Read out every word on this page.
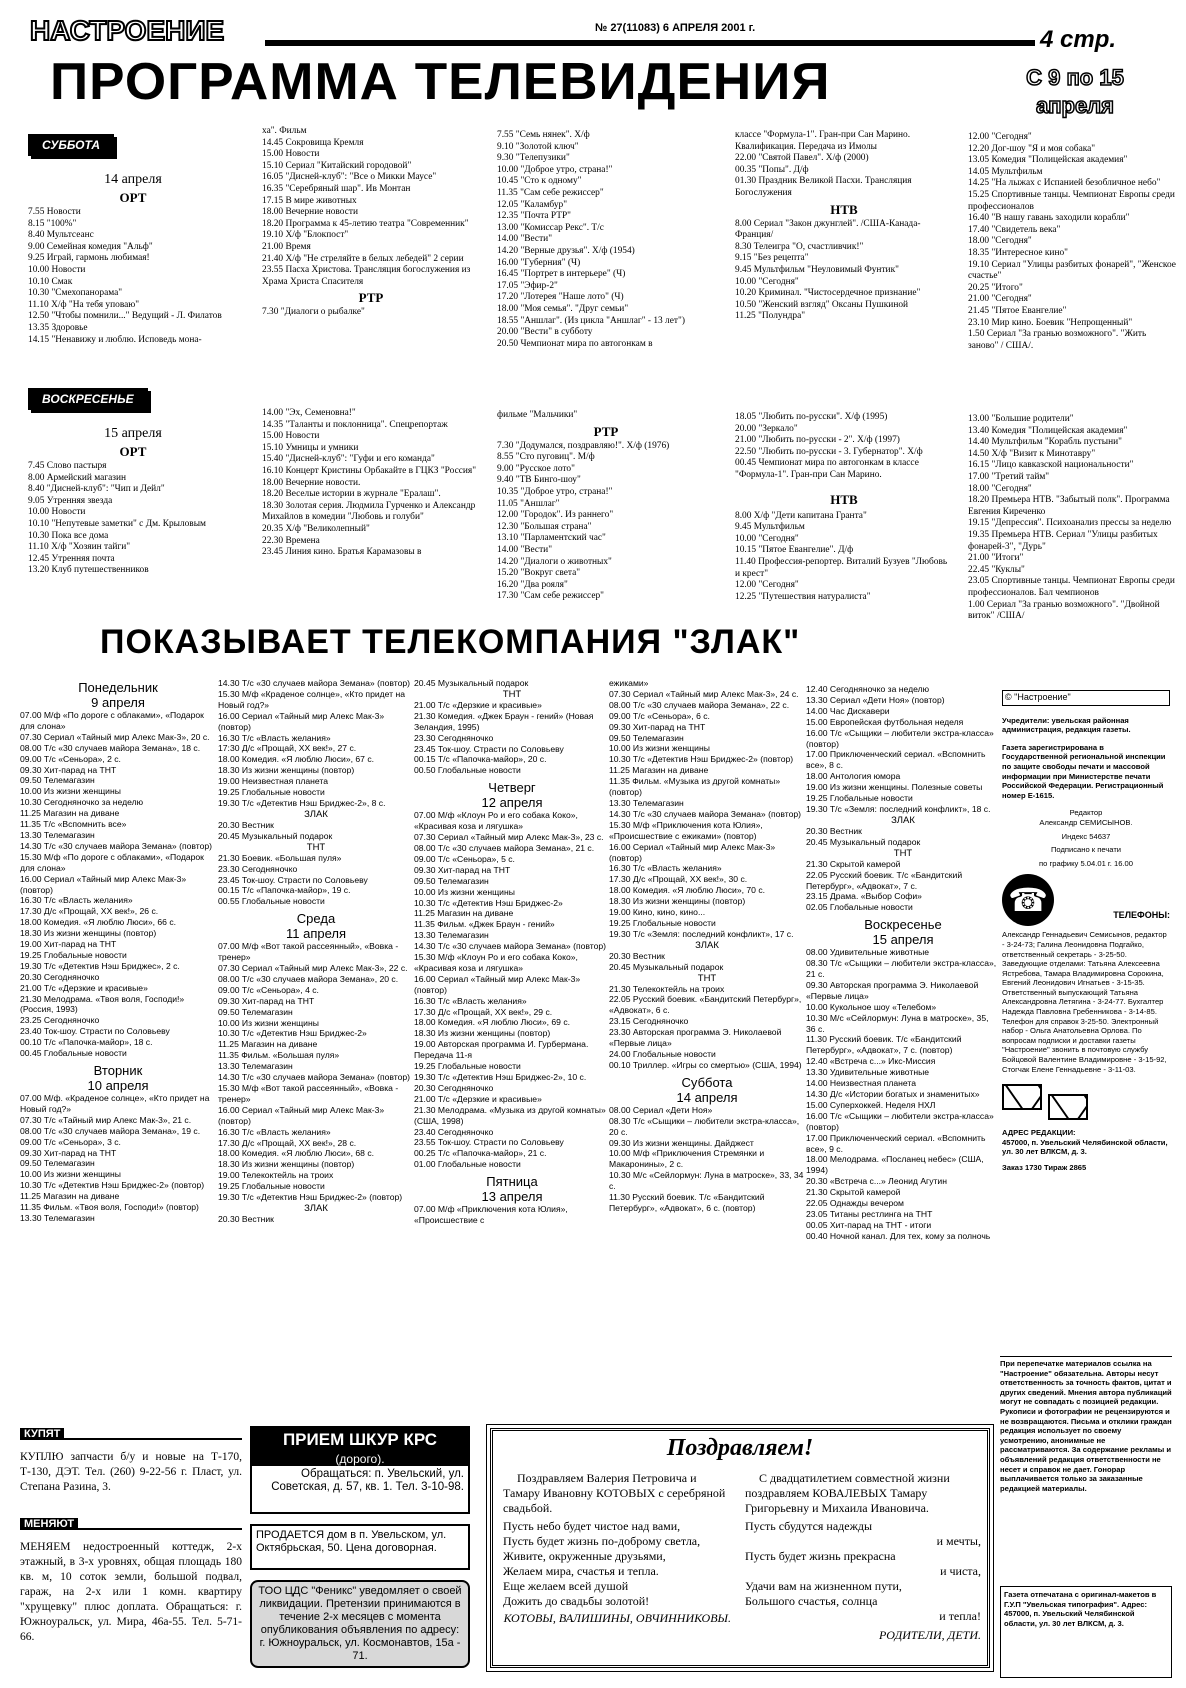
НАСТРОЕНИЕ	№ 27(11083) 6 АПРЕЛЯ 2001 г.	4 стр.
ПРОГРАММА ТЕЛЕВИДЕНИЯ	С 9 по 15 апреля
СУББОТА
14 апреля
ОРТ
7.55 Новости
8.15 "100%"
8.40 Мультсеанс
9.00 Семейная комедия "Альф"
9.25 Играй, гармонь любимая!
10.00 Новости
10.10 Смак
10.30 "Смехопанорама"
11.10 Х/ф "На тебя уповаю"
12.50 "Чтобы помнили..." Ведущий - Л. Филатов
13.35 Здоровье
14.15 "Ненавижу и люблю. Исповедь мона-
ха". Фильм
14.45 Сокровища Кремля
15.00 Новости
15.10 Сериал "Китайский городовой"
16.05 "Дисней-клуб": "Все о Микки Маусе"
16.35 "Серебряный шар". Ив Монтан
17.15 В мире животных
18.00 Вечерние новости
18.20 Программа к 45-летию театра "Современник"
19.10 Х/ф "Блокпост"
21.00 Время
21.40 Х/ф "Не стреляйте в белых лебедей" 2 серии
23.55 Пасха Христова. Трансляция богослужения из Храма Христа Спасителя
РТР
7.30 "Диалоги о рыбалке"
7.55 "Семь нянек". Х/ф
9.10 "Золотой ключ"
9.30 "Телепузики"
10.00 "Доброе утро, страна!"
10.45 "Сто к одному"
11.35 "Сам себе режиссер"
12.05 "Каламбур"
12.35 "Почта РТР"
13.00 "Комиссар Рекс". Т/с
14.00 "Вести"
14.20 "Верные друзья". Х/ф (1954)
16.00 "Губерния" (Ч)
16.45 "Портрет в интерьере" (Ч)
17.05 "Эфир-2"
17.20 "Лотерея "Наше лото" (Ч)
18.00 "Моя семья". "Друг семьи"
18.55 "Аншлаг". (Из цикла "Аншлаг" - 13 лет")
20.00 "Вести" в субботу
20.50 Чемпионат мира по автогонкам в
классе "Формула-1". Гран-при Сан Марино. Квалификация. Передача из Имолы
22.00 "Святой Павел". Х/ф (2000)
00.35 "Попы". Д/ф
01.30 Праздник Великой Пасхи. Трансляция Богослужения
НТВ
8.00 Сериал "Закон джунглей". /США-Канада-Франция/
8.30 Телеигра "О, счастливчик!"
9.15 "Без рецепта"
9.45 Мультфильм "Неуловимый Фунтик"
10.00 "Сегодня"
10.20 Криминал. "Чистосердечное признание"
10.50 "Женский взгляд" Оксаны Пушкиной
11.25 "Полундра"
12.00 "Сегодня"
12.20 Дог-шоу "Я и моя собака"
13.05 Комедия "Полицейская академия"
14.05 Мультфильм
14.25 "На лыжах с Испанией безобличное небо"
15.25 Спортивные танцы. Чемпионат Европы среди профессионалов
16.40 "В нашу гавань заходили корабли"
17.40 "Свидетель века"
18.00 "Сегодня"
18.35 "Интересное кино"
19.10 Сериал "Улицы разбитых фонарей", "Женское счастье"
20.25 "Итого"
21.00 "Сегодня"
21.45 "Пятое Евангелие"
23.10 Мир кино. Боевик "Непрощенный"
1.50 Сериал "За гранью возможного". "Жить заново" / США/.
ВОСКРЕСЕНЬЕ
15 апреля
ОРТ
7.45 Слово пастыря
8.00 Армейский магазин
8.40 "Дисней-клуб": "Чип и Дейл"
9.05 Утренняя звезда
10.00 Новости
10.10 "Непутевые заметки" с Дм. Крыловым
10.30 Пока все дома
11.10 Х/ф "Хозяин тайги"
12.45 Утренняя почта
13.20 Клуб путешественников
14.00 "Эх, Семеновна!"
14.35 "Таланты и поклонница". Спецрепортаж
15.00 Новости
15.10 Умницы и умники
15.40 "Дисней-клуб": "Гуфи и его команда"
16.10 Концерт Кристины Орбакайте в ГЦКЗ "Россия"
18.00 Вечерние новости.
18.20 Веселые истории в журнале "Ералаш".
18.30 Золотая серия. Людмила Гурченко и Александр Михайлов в комедии "Любовь и голуби"
20.35 Х/ф "Великолепный"
22.30 Времена
23.45 Линия кино. Братья Карамазовы в
фильме "Мальчики"
РТР
7.30 "Додумался, поздравляю!". Х/ф (1976)
8.55 "Сто пуговиц". М/ф
9.00 "Русское лото"
9.40 "ТВ Бинго-шоу"
10.35 "Доброе утро, страна!"
11.05 "Аншлаг"
12.00 "Городок". Из раннего"
12.30 "Большая страна"
13.10 "Парламентский час"
14.00 "Вести"
14.20 "Диалоги о животных"
15.20 "Вокруг света"
16.20 "Два рояля"
17.30 "Сам себе режиссер"
18.05 "Любить по-русски". Х/ф (1995)
20.00 "Зеркало"
21.00 "Любить по-русски - 2". Х/ф (1997)
22.50 "Любить по-русски - 3. Губернатор". Х/ф
00.45 Чемпионат мира по автогонкам в классе "Формула-1". Гран-при Сан Марино.
НТВ
8.00 Х/ф "Дети капитана Гранта"
9.45 Мультфильм
10.00 "Сегодня"
10.15 "Пятое Евангелие". Д/ф
11.40 Профессия-репортер. Виталий Бузуев "Любовь и крест"
12.00 "Сегодня"
12.25 "Путешествия натуралиста"
13.00 "Большие родители"
13.40 Комедия "Полицейская академия"
14.40 Мультфильм "Корабль пустыни"
14.50 Х/ф "Визит к Минотавру"
16.15 "Лицо кавказской национальности"
17.00 "Третий тайм"
18.00 "Сегодня"
18.20 Премьера НТВ. "Забытый полк". Программа Евгения Киреченко
19.15 "Депрессия". Психоанализ прессы за неделю
19.35 Премьера НТВ. Сериал "Улицы разбитых фонарей-3", "Дурь"
21.00 "Итоги"
22.45 "Куклы"
23.05 Спортивные танцы. Чемпионат Европы среди профессионалов. Бал чемпионов
1.00 Сериал "За гранью возможного". "Двойной виток" /США/
ПОКАЗЫВАЕТ ТЕЛЕКОМПАНИЯ "ЗЛАК"
Понедельник
9 апреля
07.00 М/ф «По дороге с облаками», «Подарок для слона»
07.30 Сериал «Тайный мир Алекс Мак-3», 20 с.
08.00 Т/с «30 случаев майора Земана», 18 с.
09.00 Т/с «Сеньора», 2 с.
09.30 Хит-парад на ТНТ
09.50 Телемагазин
10.00 Из жизни женщины
10.30 Сегодняночко за неделю
11.25 Магазин на диване
11.35 Т/с «Вспомнить все»
13.30 Телемагазин
14.30 Т/с «30 случаев майора Земана» (повтор)
15.30 М/ф «По дороге с облаками», «Подарок для слона»
16.00 Сериал «Тайный мир Алекс Мак-3» (повтор)
16.30 Т/с «Власть желания»
17.30 Д/с «Прощай, ХХ век!», 26 с.
18.00 Комедия. «Я люблю Люси», 66 с.
18.30 Из жизни женщины (повтор)
19.00 Хит-парад на ТНТ
19.25 Глобальные новости
19.30 Т/с «Детектив Нэш Бриджес», 2 с.
20.30 Сегодняночко
21.00 Т/с «Дерзкие и красивые»
21.30 Мелодрама. «Твоя воля, Господи!» (Россия, 1993)
23.25 Сегодняночко
23.40 Ток-шоу. Страсти по Соловьеву
00.10 Т/с «Папочка-майор», 18 с.
00.45 Глобальные новости
Вторник
10 апреля
07.00 М/ф. «Краденое солнце», «Кто придет на Новый год?»
07.30 Т/с «Тайный мир Алекс Мак-3», 21 с.
08.00 Т/с «30 случаев майора Земана», 19 с.
09.00 Т/с «Сеньора», 3 с.
09.30 Хит-парад на ТНТ
09.50 Телемагазин
10.00 Из жизни женщины
10.30 Т/с «Детектив Нэш Бриджес-2» (повтор)
11.25 Магазин на диване
11.35 Фильм. «Твоя воля, Господи!» (повтор)
13.30 Телемагазин
14.30 Т/с «30 случаев майора Земана» (повтор)
15.30 М/ф «Краденое солнце», «Кто придет на Новый год?»
16.00 Сериал «Тайный мир Алекс Мак-3» (повтор)
16.30 Т/с «Власть желания»
17:30 Д/с «Прощай, ХХ век!», 27 с.
18.00 Комедия. «Я люблю Люси», 67 с.
18.30 Из жизни женщины (повтор)
19.00 Неизвестная планета
19.25 Глобальные новости
19.30 Т/с «Детектив Нэш Бриджес-2», 8 с.
ЗЛАК
20.30 Вестник
20.45 Музыкальный подарок
ТНТ
21.30 Боевик. «Большая пуля»
23.30 Сегодняночко
23.45 Ток-шоу. Страсти по Соловьеву
00.15 Т/с «Папочка-майор», 19 с.
00.55 Глобальные новости
Среда
11 апреля
07.00 М/ф «Вот такой рассеянный», «Вовка - тренер»
07.30 Сериал «Тайный мир Алекс Мак-3», 22 с.
08.00 Т/с «30 случаев майора Земана», 20 с.
09.00 Т/с «Сеньора», 4 с.
09.30 Хит-парад на ТНТ
09.50 Телемагазин
10.00 Из жизни женщины
10.30 Т/с «Детектив Нэш Бриджес-2»
11.25 Магазин на диване
11.35 Фильм. «Большая пуля»
13.30 Телемагазин
14.30 Т/с «30 случаев майора Земана» (повтор)
15.30 М/ф «Вот такой рассеянный», «Вовка - тренер»
16.00 Сериал «Тайный мир Алекс Мак-3» (повтор)
16.30 Т/с «Власть желания»
17.30 Д/с «Прощай, ХХ век!», 28 с.
18.00 Комедия. «Я люблю Люси», 68 с.
18.30 Из жизни женщины (повтор)
19.00 Телекоктейль на троих
19.25 Глобальные новости
19.30 Т/с «Детектив Нэш Бриджес-2» (повтор)
ЗЛАК
20.30 Вестник
20.45 Музыкальный подарок
ТНТ
21.00 Т/с «Дерзкие и красивые»
21.30 Комедия. «Джек Браун - гений» (Новая Зеландия, 1995)
23.30 Сегодняночко
23.45 Ток-шоу. Страсти по Соловьеву
00.15 Т/с «Папочка-майор», 20 с.
00.50 Глобальные новости
Четверг
12 апреля
07.00 М/ф «Клоун Ро и его собака Коко», «Красивая коза и лягушка»
07.30 Сериал «Тайный мир Алекс Мак-3», 23 с.
08.00 Т/с «30 случаев майора Земана», 21 с.
09.00 Т/с «Сеньора», 5 с.
09.30 Хит-парад на ТНТ
09.50 Телемагазин
10.00 Из жизни женщины
10.30 Т/с «Детектив Нэш Бриджес-2»
11.25 Магазин на диване
11.35 Фильм. «Джек Браун - гений»
13.30 Телемагазин
14.30 Т/с «30 случаев майора Земана» (повтор)
15.30 М/ф «Клоун Ро и его собака Коко», «Красивая коза и лягушка»
16.00 Сериал «Тайный мир Алекс Мак-3» (повтор)
16.30 Т/с «Власть желания»
17.30 Д/с «Прощай, ХХ век!», 29 с.
18.00 Комедия. «Я люблю Люси», 69 с.
18.30 Из жизни женщины (повтор)
19.00 Авторская программа И. Гурбермана. Передача 11-я
19.25 Глобальные новости
19.30 Т/с «Детектив Нэш Бриджес-2», 10 с.
20.30 Сегодняночко
21.00 Т/с «Дерзкие и красивые»
21.30 Мелодрама. «Музыка из другой комнаты» (США, 1998)
23.40 Сегодняночко
23.55 Ток-шоу. Страсти по Соловьеву
00.25 Т/с «Папочка-майор», 21 с.
01.00 Глобальные новости
Пятница
13 апреля
07.00 М/ф «Приключения кота Юлия», «Происшествие с
ежиками»
07.30 Сериал «Тайный мир Алекс Мак-3», 24 с.
08.00 Т/с «30 случаев майора Земана», 22 с.
09.00 Т/с «Сеньора», 6 с.
09.30 Хит-парад на ТНТ
09.50 Телемагазин
10.00 Из жизни женщины
10.30 Т/с «Детектив Нэш Бриджес-2» (повтор)
11.25 Магазин на диване
11.35 Фильм. «Музыка из другой комнаты» (повтор)
13.30 Телемагазин
14.30 Т/с «30 случаев майора Земана» (повтор)
15.30 М/ф «Приключения кота Юлия», «Происшествие с ежиками» (повтор)
16.00 Сериал «Тайный мир Алекс Мак-3» (повтор)
16.30 Т/с «Власть желания»
17.30 Д/с «Прощай, ХХ век!», 30 с.
18.00 Комедия. «Я люблю Люси», 70 с.
18.30 Из жизни женщины (повтор)
19.00 Кино, кино, кино...
19.25 Глобальные новости
19.30 Т/с «Земля: последний конфликт», 17 с.
ЗЛАК
20.30 Вестник
20.45 Музыкальный подарок
ТНТ
21.30 Телекоктейль на троих
22.05 Русский боевик. «Бандитский Петербург», «Адвокат», 6 с.
23.15 Сегодняночко
23.30 Авторская программа Э. Николаевой «Первые лица»
24.00 Глобальные новости
00.10 Триллер. «Игры со смертью» (США, 1994)
Суббота
14 апреля
08.00 Сериал «Дети Ноя»
08.30 Т/с «Сыщики – любители экстра-класса», 20 с.
09.30 Из жизни женщины. Дайджест
10.00 М/ф «Приключения Стремянки и Макаронины», 2 с.
10.30 М/с «Сейлормун: Луна в матроске», 33, 34 с.
11.30 Русский боевик. Т/с «Бандитский Петербург», «Адвокат», 6 с. (повтор)
12.40 Сегодняночко за неделю
13.30 Сериал «Дети Ноя» (повтор)
14.00 Час Дискавери
15.00 Европейская футбольная неделя
16.00 Т/с «Сыщики – любители экстра-класса» (повтор)
17.00 Приключенческий сериал. «Вспомнить все», 8 с.
18.00 Антология юмора
19.00 Из жизни женщины. Полезные советы
19.25 Глобальные новости
19.30 Т/с «Земля: последний конфликт», 18 с.
ЗЛАК
20.30 Вестник
20.45 Музыкальный подарок
ТНТ
21.30 Скрытой камерой
22.05 Русский боевик. Т/с «Бандитский Петербург», «Адвокат», 7 с.
23.15 Драма. «Выбор Софи»
02.05 Глобальные новости
Воскресенье
15 апреля
08.00 Удивительные животные
08.30 Т/с «Сыщики – любители экстра-класса», 21 с.
09.30 Авторская программа Э. Николаевой «Первые лица»
10.00 Кукольное шоу «Телебом»
10.30 М/с «Сейлормун: Луна в матроске», 35, 36 с.
11.30 Русский боевик. Т/с «Бандитский Петербург», «Адвокат», 7 с. (повтор)
12.40 «Встреча с...» Икс-Миссия
13.30 Удивительные животные
14.00 Неизвестная планета
14.30 Д/с «Истории богатых и знаменитых»
15.00 Суперхоккей. Неделя НХЛ
16.00 Т/с «Сыщики – любители экстра-класса» (повтор)
17.00 Приключенческий сериал. «Вспомнить все», 9 с.
18.00 Мелодрама. «Посланец небес» (США, 1994)
20.30 «Встреча с...» Леонид Агутин
21.30 Скрытой камерой
22.05 Однажды вечером
23.05 Титаны рестлинга на ТНТ
00.05 Хит-парад на ТНТ - итоги
00.40 Ночной канал. Для тех, кому за полночь
© "Настроение"
Учредители: увельская районная администрация, редакция газеты.
Газета зарегистрирована в Государственной региональной инспекции по защите свободы печати и массовой информации при Министерстве печати Российской Федерации. Регистрационный номер Е-1615.
Редактор
Александр СЕМИСЫНОВ.
Индекс 54637
Подписано к печати
по графику 5.04.01 г. 16.00
☎	ТЕЛЕФОНЫ:
Александр Геннадьевич Семисынов, редактор - 3-24-73; Галина Леонидовна Подгайко, ответственный секретарь - 3-25-50. Заведующие отделами: Татьяна Алексеевна Ястребова, Тамара Владимировна Сорокина, Евгений Леонидович Игнатьев - 3-15-35. Ответственный выпускающий Татьяна Александровна Летягина - 3-24-77. Бухгалтер Надежда Павловна Гребенникова - 3-14-85. Телефон для справок 3-25-50. Электронный набор - Ольга Анатольевна Орлова. По вопросам подписки и доставки газеты "Настроение" звонить в почтовую службу Бойцовой Валентине Владимировне - 3-15-92, Стогчак Елене Геннадьевне - 3-11-03.
АДРЕС РЕДАКЦИИ:
457000, п. Увельский Челябинской области, ул. 30 лет ВЛКСМ, д. 3.
Заказ 1730 Тираж 2865
При перепечатке материалов ссылка на "Настроение" обязательна. Авторы несут ответственность за точность фактов, цитат и других сведений. Мнения автора публикаций могут не совпадать с позицией редакции. Рукописи и фотографии не рецензируются и не возвращаются. Письма и отклики граждан редакция использует по своему усмотрению, анонимные не рассматриваются. За содержание рекламы и объявлений редакция ответственности не несет и справок не дает. Гонорар выплачивается только за заказанные редакцией материалы.
Газета отпечатана с оригинал-макетов в Г.У.П "Увельская типография". Адрес: 457000, п. Увельский Челябинской области, ул. 30 лет ВЛКСМ, д. 3.
КУПЯТ
КУПЛЮ запчасти б/у и новые на Т-170, Т-130, ДЭТ. Тел. (260) 9-22-56 г. Пласт, ул. Степана Разина, 3.
МЕНЯЮТ
МЕНЯЕМ недостроенный коттедж, 2-х этажный, в 3-х уровнях, общая площадь 180 кв. м, 10 соток земли, большой подвал, гараж, на 2-х или 1 комн. квартиру "хрущевку" плюс доплата. Обращаться: г. Южноуральск, ул. Мира, 46а-55. Тел. 5-71-66.
ПРИЕМ ШКУР КРС
(дорого).
Обращаться: п. Увельский, ул. Советская, д. 57, кв. 1. Тел. 3-10-98.
ПРОДАЕТСЯ дом в п. Увельском, ул. Октябрьская, 50. Цена договорная.
ТОО ЦДС "Феникс" уведомляет о своей ликвидации. Претензии принимаются в течение 2-х месяцев с момента опубликования объявления по адресу: г. Южноуральск, ул. Космонавтов, 15а - 71.
Поздравляем!
Поздравляем Валерия Петровича и Тамару Ивановну КОТОВЫХ с серебряной свадьбой.
Пусть небо будет чистое над вами,
Пусть будет жизнь по-доброму светла,
Живите, окруженные друзьями,
Желаем мира, счастья и тепла.
Еще желаем всей душой
Дожить до свадьбы золотой!
КОТОВЫ, ВАЛИШИНЫ, ОВЧИННИКОВЫ.
С двадцатилетием совместной жизни поздравляем КОВАЛЕВЫХ Тамару Григорьевну и Михаила Ивановича.
Пусть сбудутся надежды
и мечты,
Пусть будет жизнь прекрасна
и чиста,
Удачи вам на жизненном пути,
Большого счастья, солнца
и тепла!
РОДИТЕЛИ, ДЕТИ.
